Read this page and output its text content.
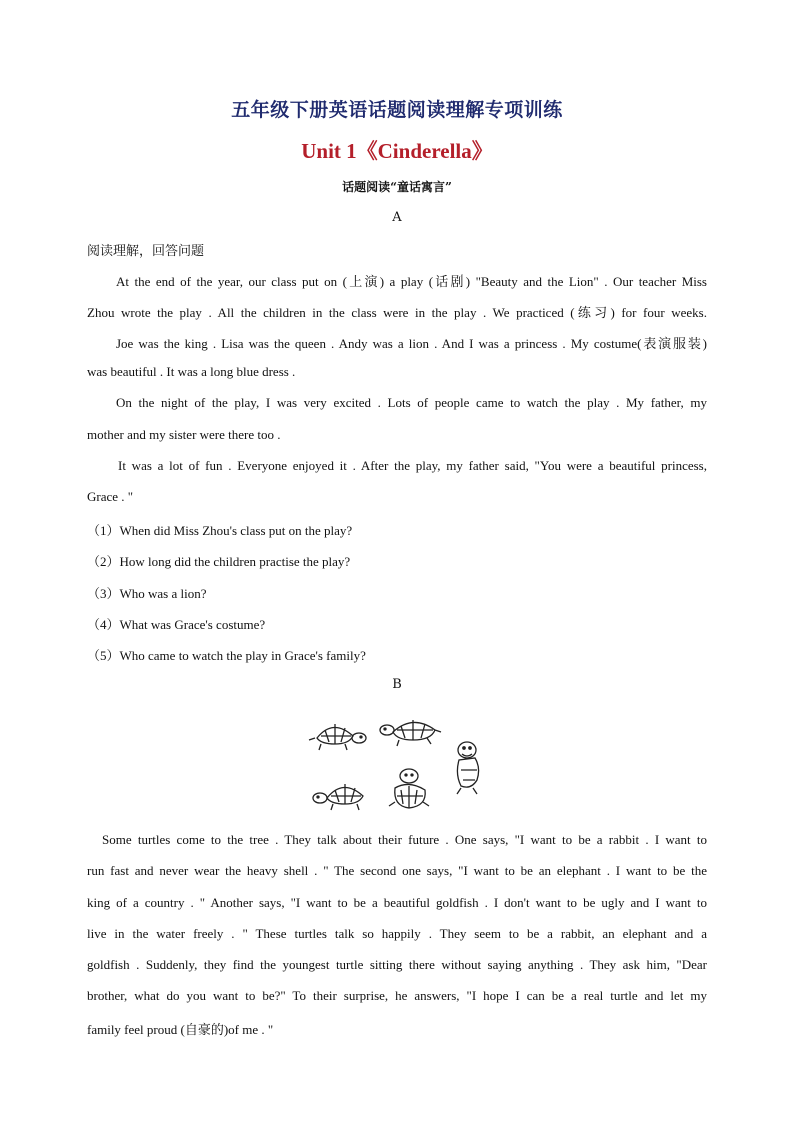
五年级下册英语话题阅读理解专项训练
Unit 1《Cinderella》
话题阅读“童话寓言”
A
阅读理解，回答问题
At the end of the year, our class put on (上演) a play (话剧) "Beauty and the Lion" . Our teacher Miss
Zhou wrote the play . All the children in the class were in the play . We practiced (练习) for four weeks.
Joe was the king . Lisa was the queen . Andy was a lion . And I was a princess . My costume(表演服装)
was beautiful . It was a long blue dress .
On the night of the play, I was very excited . Lots of people came to watch the play . My father, my
mother and my sister were there too .
It was a lot of fun . Everyone enjoyed it . After the play, my father said, "You were a beautiful princess,
Grace . "
（1）When did Miss Zhou's class put on the play?
（2）How long did the children practise the play?
（3）Who was a lion?
（4）What was Grace's costume?
（5）Who came to watch the play in Grace's family?
B
Some turtles come to the tree . They talk about their future . One says, "I want to be a rabbit . I want to
run fast and never wear the heavy shell . " The second one says, "I want to be an elephant . I want to be the
king of a country . " Another says, "I want to be a beautiful goldfish . I don't want to be ugly and I want to
live in the water freely . " These turtles talk so happily . They seem to be a rabbit, an elephant and a
goldfish . Suddenly, they find the youngest turtle sitting there without saying anything . They ask him, "Dear
brother, what do you want to be?" To their surprise, he answers, "I hope I can be a real turtle and let my
family feel proud (自豪的)of me . "
